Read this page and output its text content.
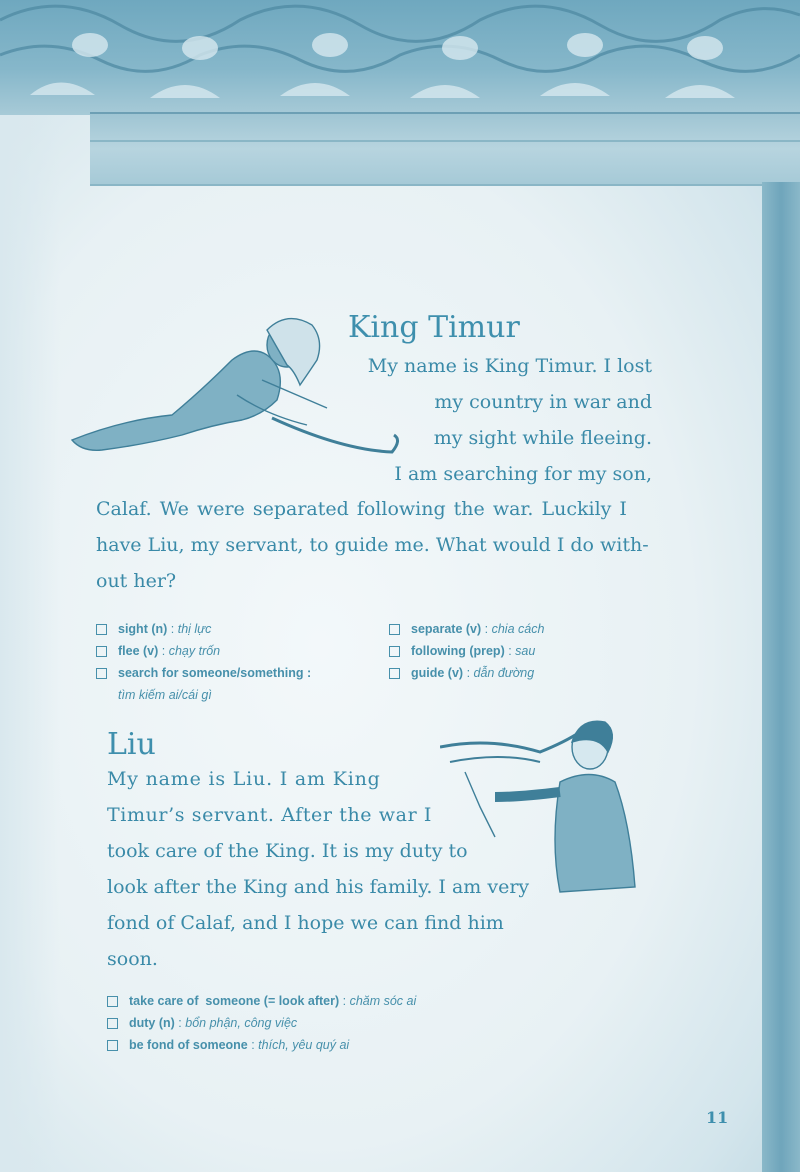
King Timur

My name is King Timur. I lost

my country in war and

my sight while fleeing.

I am searching for my son,

Calaf. We were separated following the war. Luckily I

have Liu, my servant, to guide me. What would I do with-

out her?

sight (n) : thị lực
flee (v) : chạy trốn
search for someone/something :
tìm kiếm ai/cái gì
separate (v) : chia cách
following (prep) : sau
guide (v) : dẫn đường
Liu

My name is Liu. I am King

Timur’s servant. After the war I

took care of the King. It is my duty to

look after the King and his family. I am very

fond of Calaf, and I hope we can find him

soon.

take care of  someone (= look after) : chăm sóc ai
duty (n) : bổn phận, công việc
be fond of someone : thích, yêu quý ai
11
